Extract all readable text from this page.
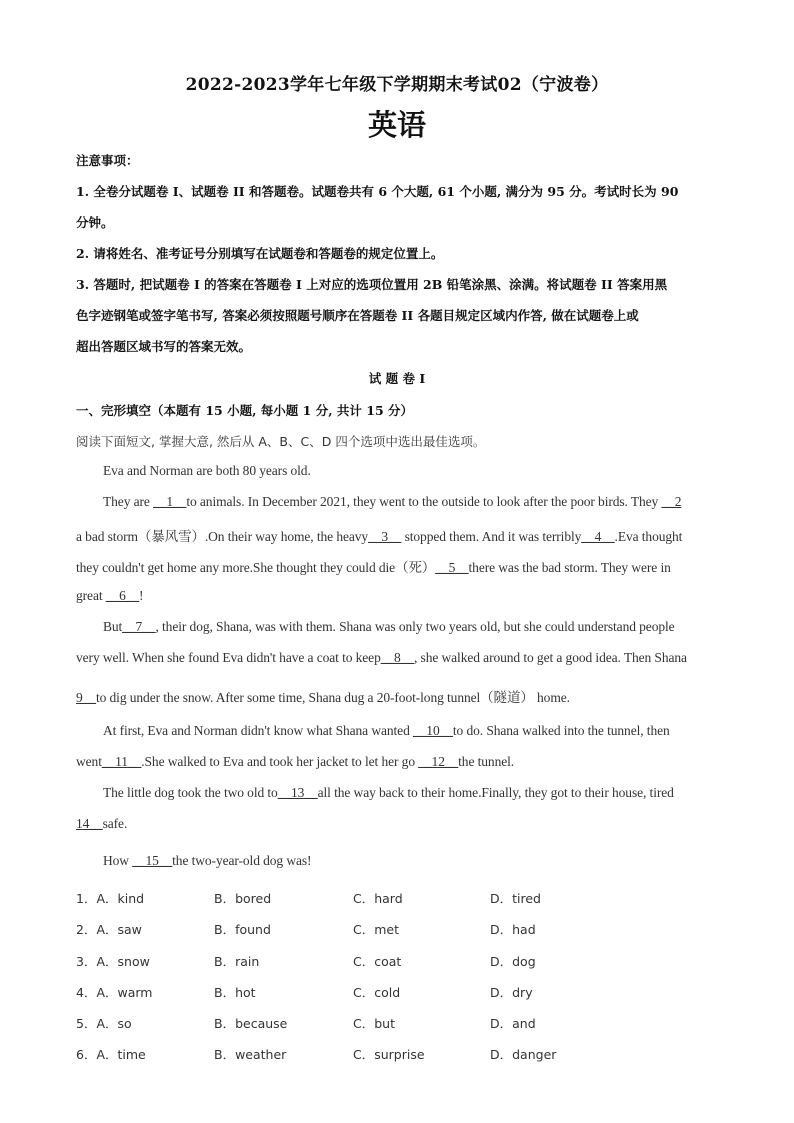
2022-2023学年七年级下学期期末考试02（宁波卷）
英语
注意事项：
1. 全卷分试题卷 I、试题卷 II 和答题卷。试题卷共有 6 个大题, 61 个小题, 满分为 95 分。考试时长为 90
分钟。
2. 请将姓名、准考证号分别填写在试题卷和答题卷的规定位置上。
3. 答题时, 把试题卷 I 的答案在答题卷 I 上对应的选项位置用 2B 铅笔涂黑、涂满。将试题卷 II 答案用黑
色字迹钢笔或签字笔书写, 答案必须按照题号顺序在答题卷 II 各题目规定区域内作答, 做在试题卷上或
超出答题区域书写的答案无效。
试 题 卷 I
一、完形填空（本题有 15 小题, 每小题 1 分, 共计 15 分）
阅读下面短文, 掌握大意, 然后从 A、B、C、D 四个选项中选出最佳选项。
Eva and Norman are both 80 years old.
They are __1__to animals. In December 2021, they went to the outside to look after the poor birds. They __2
a bad storm（暴风雪）.On their way home, the heavy__3__ stopped them. And it was terribly__4__.Eva thought
they couldn't get home any more.She thought they could die（死）__5__there was the bad storm. They were in
great __6__!
But__7__, their dog, Shana, was with them. Shana was only two years old, but she could understand people
very well. When she found Eva didn't have a coat to keep__8__, she walked around to get a good idea. Then Shana
9__to dig under the snow. After some time, Shana dug a 20-foot-long tunnel（隧道） home.
At first, Eva and Norman didn't know what Shana wanted __10__to do. Shana walked into the tunnel, then
went__11__.She walked to Eva and took her jacket to let her go __12__the tunnel.
The little dog took the two old to__13__all the way back to their home.Finally, they got to their house, tired
14__safe.
How __15__the two-year-old dog was!
1．A．kind	B．bored	C．hard	D．tired
2．A．saw	B．found	C．met	D．had
3．A．snow	B．rain	C．coat	D．dog
4．A．warm	B．hot	C．cold	D．dry
5．A．so	B．because	C．but	D．and
6．A．time	B．weather	C．surprise	D．danger
